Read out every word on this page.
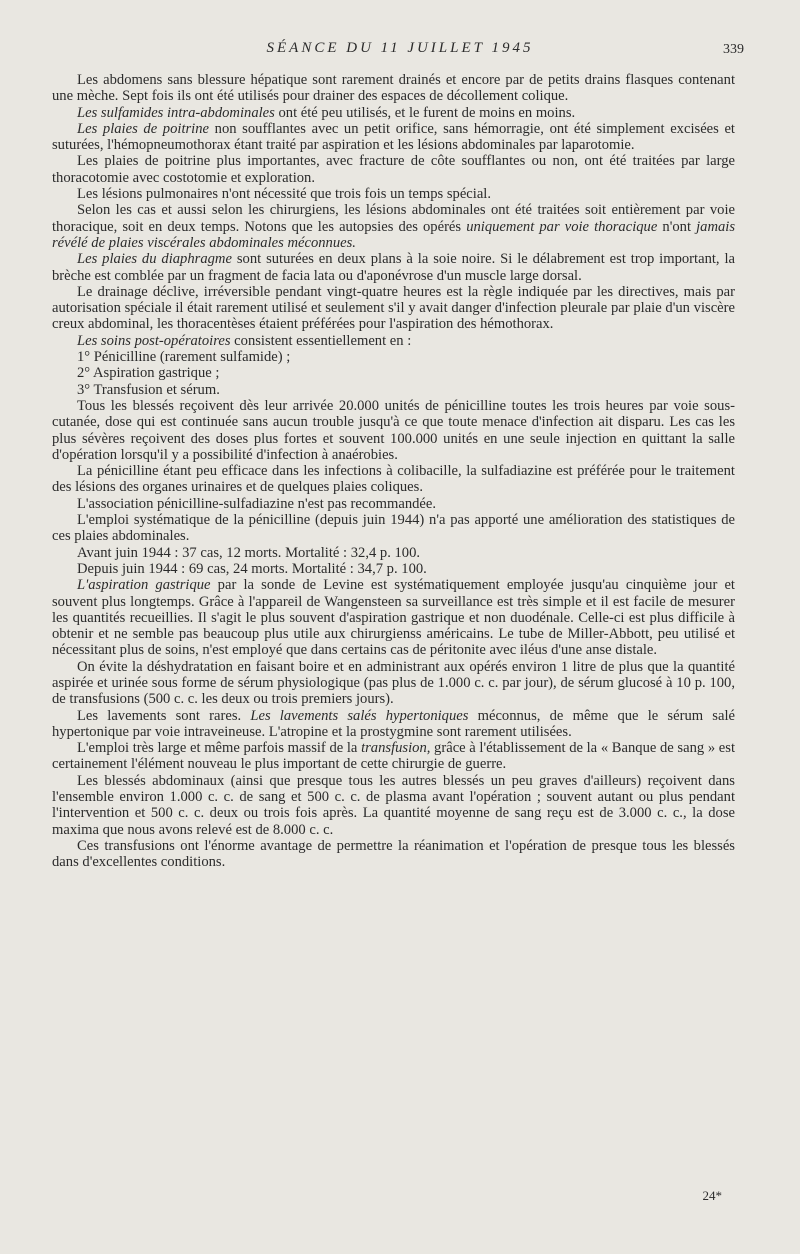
SÉANCE DU 11 JUILLET 1945	339

Les abdomens sans blessure hépatique sont rarement drainés et encore par de petits drains flasques contenant une mèche. Sept fois ils ont été utilisés pour drainer des espaces de décollement colique.

Les sulfamides intra-abdominales ont été peu utilisés, et le furent de moins en moins.

Les plaies de poitrine non soufflantes avec un petit orifice, sans hémorragie, ont été simplement excisées et suturées, l'hémopneumothorax étant traité par aspiration et les lésions abdominales par laparotomie.

Les plaies de poitrine plus importantes, avec fracture de côte soufflantes ou non, ont été traitées par large thoracotomie avec costotomie et exploration.

Les lésions pulmonaires n'ont nécessité que trois fois un temps spécial.

Selon les cas et aussi selon les chirurgiens, les lésions abdominales ont été traitées soit entièrement par voie thoracique, soit en deux temps. Notons que les autopsies des opérés uniquement par voie thoracique n'ont jamais révélé de plaies viscérales abdominales méconnues.

Les plaies du diaphragme sont suturées en deux plans à la soie noire. Si le délabrement est trop important, la brèche est comblée par un fragment de facia lata ou d'aponévrose d'un muscle large dorsal.

Le drainage déclive, irréversible pendant vingt-quatre heures est la règle indiquée par les directives, mais par autorisation spéciale il était rarement utilisé et seulement s'il y avait danger d'infection pleurale par plaie d'un viscère creux abdominal, les thoracentèses étaient préférées pour l'aspiration des hémothorax.

Les soins post-opératoires consistent essentiellement en :

1° Pénicilline (rarement sulfamide) ;

2° Aspiration gastrique ;

3° Transfusion et sérum.

Tous les blessés reçoivent dès leur arrivée 20.000 unités de pénicilline toutes les trois heures par voie sous-cutanée, dose qui est continuée sans aucun trouble jusqu'à ce que toute menace d'infection ait disparu. Les cas les plus sévères reçoivent des doses plus fortes et souvent 100.000 unités en une seule injection en quittant la salle d'opération lorsqu'il y a possibilité d'infection à anaérobies.

La pénicilline étant peu efficace dans les infections à colibacille, la sulfadiazine est préférée pour le traitement des lésions des organes urinaires et de quelques plaies coliques.

L'association pénicilline-sulfadiazine n'est pas recommandée.

L'emploi systématique de la pénicilline (depuis juin 1944) n'a pas apporté une amélioration des statistiques de ces plaies abdominales.

Avant juin 1944 : 37 cas, 12 morts. Mortalité : 32,4 p. 100.

Depuis juin 1944 : 69 cas, 24 morts. Mortalité : 34,7 p. 100.

L'aspiration gastrique par la sonde de Levine est systématiquement employée jusqu'au cinquième jour et souvent plus longtemps. Grâce à l'appareil de Wangensteen sa surveillance est très simple et il est facile de mesurer les quantités recueillies. Il s'agit le plus souvent d'aspiration gastrique et non duodénale. Celle-ci est plus difficile à obtenir et ne semble pas beaucoup plus utile aux chirurgienss américains. Le tube de Miller-Abbott, peu utilisé et nécessitant plus de soins, n'est employé que dans certains cas de péritonite avec iléus d'une anse distale.

On évite la déshydratation en faisant boire et en administrant aux opérés environ 1 litre de plus que la quantité aspirée et urinée sous forme de sérum physiologique (pas plus de 1.000 c. c. par jour), de sérum glucosé à 10 p. 100, de transfusions (500 c. c. les deux ou trois premiers jours).

Les lavements sont rares. Les lavements salés hypertoniques méconnus, de même que le sérum salé hypertonique par voie intraveineuse. L'atropine et la prostygmine sont rarement utilisées.

L'emploi très large et même parfois massif de la transfusion, grâce à l'établissement de la « Banque de sang » est certainement l'élément nouveau le plus important de cette chirurgie de guerre.

Les blessés abdominaux (ainsi que presque tous les autres blessés un peu graves d'ailleurs) reçoivent dans l'ensemble environ 1.000 c. c. de sang et 500 c. c. de plasma avant l'opération ; souvent autant ou plus pendant l'intervention et 500 c. c. deux ou trois fois après. La quantité moyenne de sang reçu est de 3.000 c. c., la dose maxima que nous avons relevé est de 8.000 c. c.

Ces transfusions ont l'énorme avantage de permettre la réanimation et l'opération de presque tous les blessés dans d'excellentes conditions.

24*
